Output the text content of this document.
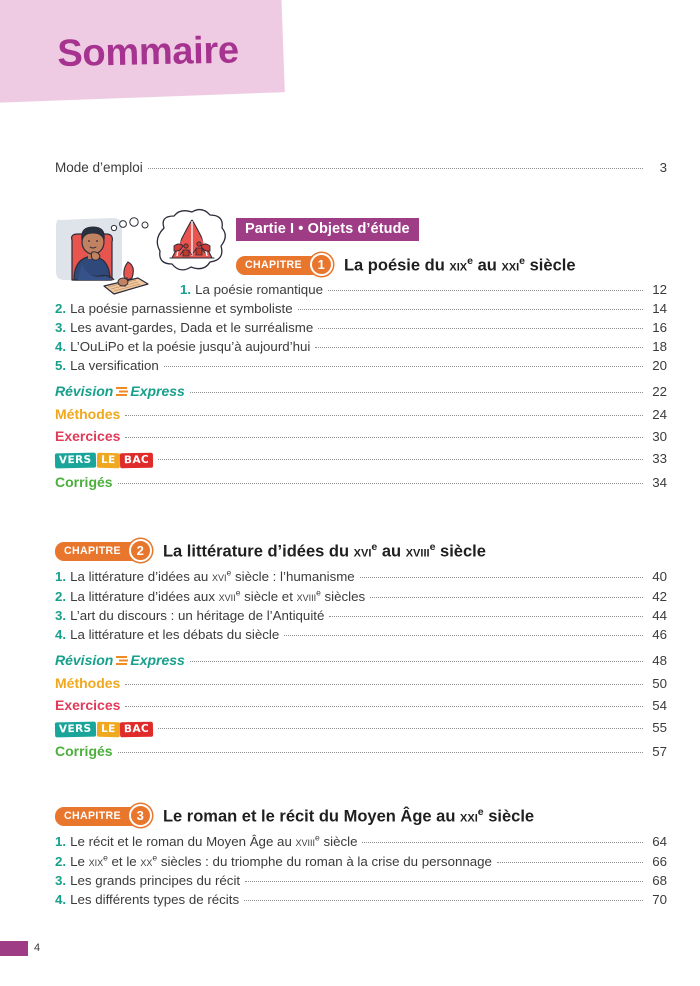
Sommaire
Mode d’emploi	3
Partie I • Objets d’étude
CHAPITRE	1	La poésie du xix$^e$ au xxi$^e$ siècle
1. La poésie romantique	12
2. La poésie parnassienne et symboliste	14
3. Les avant-gardes, Dada et le surréalisme	16
4. L’OuLiPo et la poésie jusqu’à aujourd’hui	18
5. La versification	20
Révision Express	22
Méthodes	24
Exercices	30
VERS LE BAC	33
Corrigés	34
CHAPITRE	2	La littérature d’idées du xvi$^e$ au xviii$^e$ siècle
1. La littérature d’idées au xvi$^e$ siècle : l’humanisme	40
2. La littérature d’idées aux xvii$^e$ siècle et xviii$^e$ siècles	42
3. L’art du discours : un héritage de l’Antiquité	44
4. La littérature et les débats du siècle	46
Révision Express	48
Méthodes	50
Exercices	54
VERS LE BAC	55
Corrigés	57
CHAPITRE	3	Le roman et le récit du Moyen Âge au xxi$^e$ siècle
1. Le récit et le roman du Moyen Âge au xviii$^e$ siècle	64
2. Le xix$^e$ et le $xx^e$ siècles : du triomphe du roman à la crise du personnage	66
3. Les grands principes du récit	68
4. Les différents types de récits	70
4
